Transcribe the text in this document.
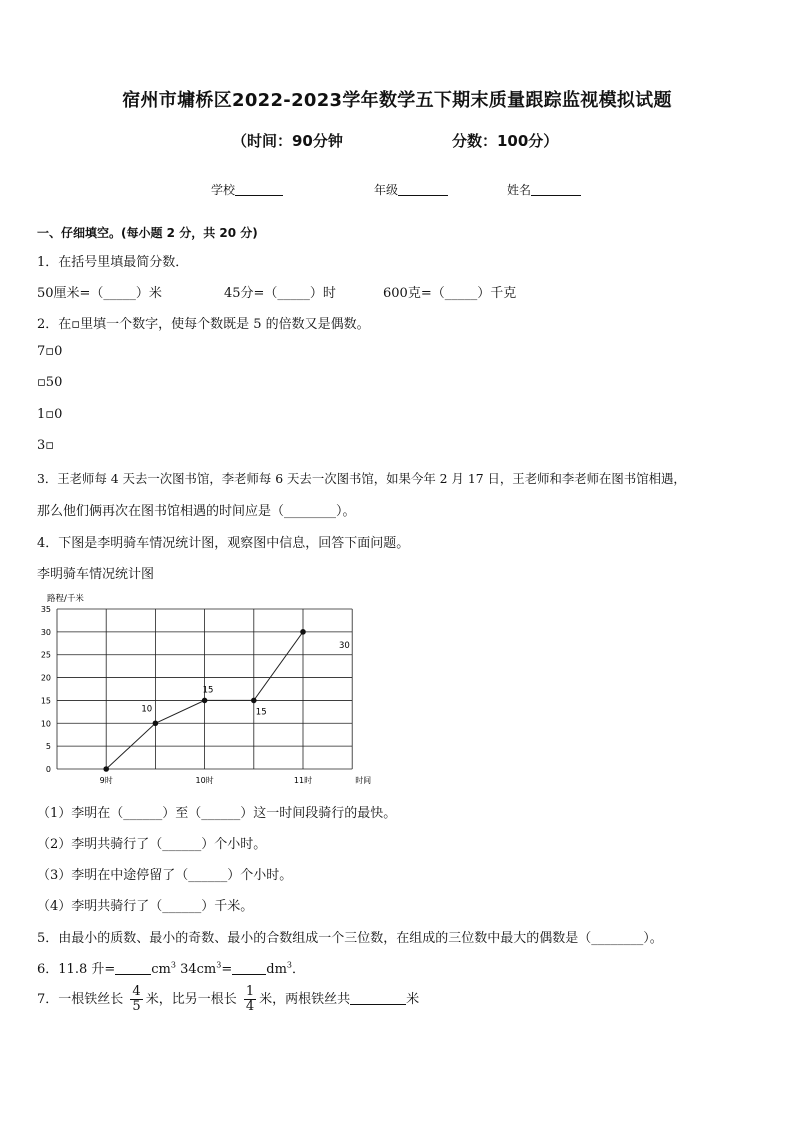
宿州市墉桥区2022-2023学年数学五下期末质量跟踪监视模拟试题
（时间：90分钟	分数：100分）
学校	年级	姓名
一、仔细填空。(每小题 2 分，共 20 分)
1．在括号里填最简分数．
50厘米=（_____）米	45分=（_____）时	600克=（_____）千克
2．在▫里填一个数字，使每个数既是 5 的倍数又是偶数。
7▫0
▫50
1▫0
3▫
3．王老师每 4 天去一次图书馆，李老师每 6 天去一次图书馆，如果今年 2 月 17 日，王老师和李老师在图书馆相遇，
那么他们俩再次在图书馆相遇的时间应是（________）。
4．下图是李明骑车情况统计图，观察图中信息，回答下面问题。
李明骑车情况统计图
0
5
10
15
20
25
30
35
路程/千米
时间
9时	10时	11时
10
15
15
30
（1）李明在（______）至（______）这一时间段骑行的最快。
（2）李明共骑行了（______）个小时。
（3）李明在中途停留了（______）个小时。
（4）李明共骑行了（______）千米。
5．由最小的质数、最小的奇数、最小的合数组成一个三位数，在组成的三位数中最大的偶数是（________）。
6．11.8 升=	$cm^3$ $34cm^3=$	$dm^3$．
7．一根铁丝长 $\frac{4}{5}$ 米，比另一根长 $\frac{1}{4}$ 米，两根铁丝共	米
